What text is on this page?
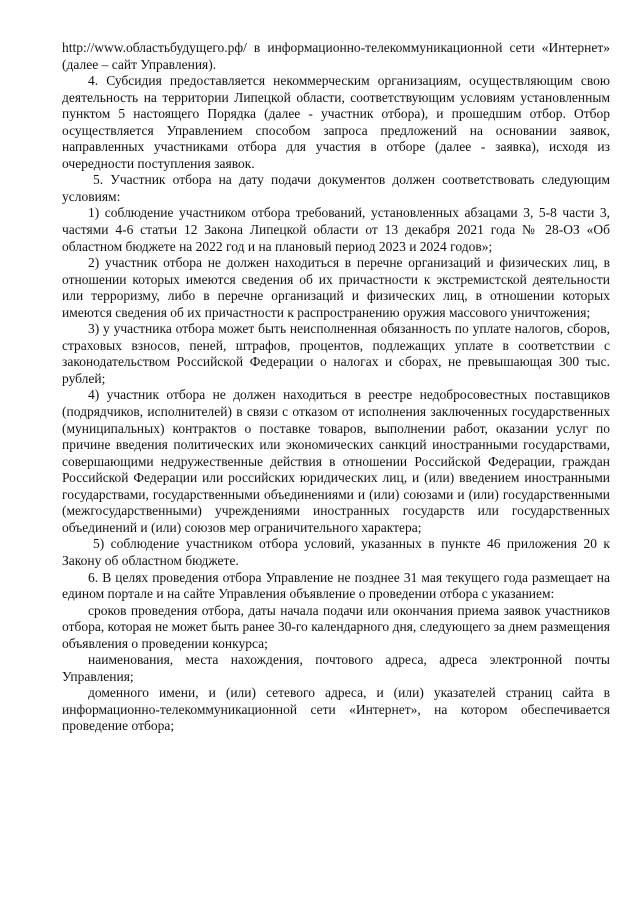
http://www.областьбудущего.рф/ в информационно-телекоммуникационной сети «Интернет» (далее – сайт Управления).

4. Субсидия предоставляется некоммерческим организациям, осуществляющим свою деятельность на территории Липецкой области, соответствующим условиям установленным пунктом 5 настоящего Порядка (далее - участник отбора), и прошедшим отбор. Отбор осуществляется Управлением способом запроса предложений на основании заявок, направленных участниками отбора для участия в отборе (далее - заявка), исходя из очередности поступления заявок.

5. Участник отбора на дату подачи документов должен соответствовать следующим условиям:

1) соблюдение участником отбора требований, установленных абзацами 3, 5-8 части 3, частями 4-6 статьи 12 Закона Липецкой области от 13 декабря 2021 года № 28-ОЗ «Об областном бюджете на 2022 год и на плановый период 2023 и 2024 годов»;

2) участник отбора не должен находиться в перечне организаций и физических лиц, в отношении которых имеются сведения об их причастности к экстремистской деятельности или терроризму, либо в перечне организаций и физических лиц, в отношении которых имеются сведения об их причастности к распространению оружия массового уничтожения;

3) у участника отбора может быть неисполненная обязанность по уплате налогов, сборов, страховых взносов, пеней, штрафов, процентов, подлежащих уплате в соответствии с законодательством Российской Федерации о налогах и сборах, не превышающая 300 тыс. рублей;

4) участник отбора не должен находиться в реестре недобросовестных поставщиков (подрядчиков, исполнителей) в связи с отказом от исполнения заключенных государственных (муниципальных) контрактов о поставке товаров, выполнении работ, оказании услуг по причине введения политических или экономических санкций иностранными государствами, совершающими недружественные действия в отношении Российской Федерации, граждан Российской Федерации или российских юридических лиц, и (или) введением иностранными государствами, государственными объединениями и (или) союзами и (или) государственными (межгосударственными) учреждениями иностранных государств или государственных объединений и (или) союзов мер ограничительного характера;

5) соблюдение участником отбора условий, указанных в пункте 46 приложения 20 к Закону об областном бюджете.

6. В целях проведения отбора Управление не позднее 31 мая текущего года размещает на едином портале и на сайте Управления объявление о проведении отбора с указанием:

сроков проведения отбора, даты начала подачи или окончания приема заявок участников отбора, которая не может быть ранее 30-го календарного дня, следующего за днем размещения объявления о проведении конкурса;

наименования, места нахождения, почтового адреса, адреса электронной почты Управления;

доменного имени, и (или) сетевого адреса, и (или) указателей страниц сайта в информационно-телекоммуникационной сети «Интернет», на котором обеспечивается проведение отбора;
